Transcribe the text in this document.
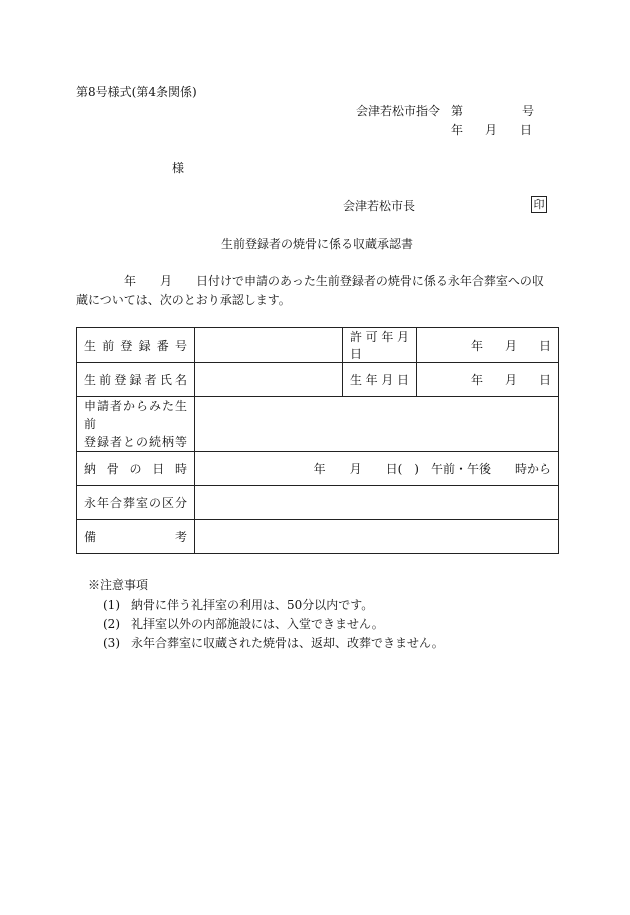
第8号様式(第4条関係)
会津若松市指令 第	号
年 月 日
様
会津若松市長	印
生前登録者の焼骨に係る収蔵承認書
年 月 日付けで申請のあった生前登録者の焼骨に係る永年合葬室への収
蔵については、次のとおり承認します。
生前登録番号		許可年月日	年 月 日
生前登録者氏名		生年月日	年 月 日

申請者からみた生前
登録者との続柄等			

納骨の日時	年 月 日(　) 午前・午後 時から		
永年合葬室の区分			
備 考			

※注意事項
(1) 納骨に伴う礼拝室の利用は、50分以内です。
(2) 礼拝室以外の内部施設には、入堂できません。
(3) 永年合葬室に収蔵された焼骨は、返却、改葬できません。
